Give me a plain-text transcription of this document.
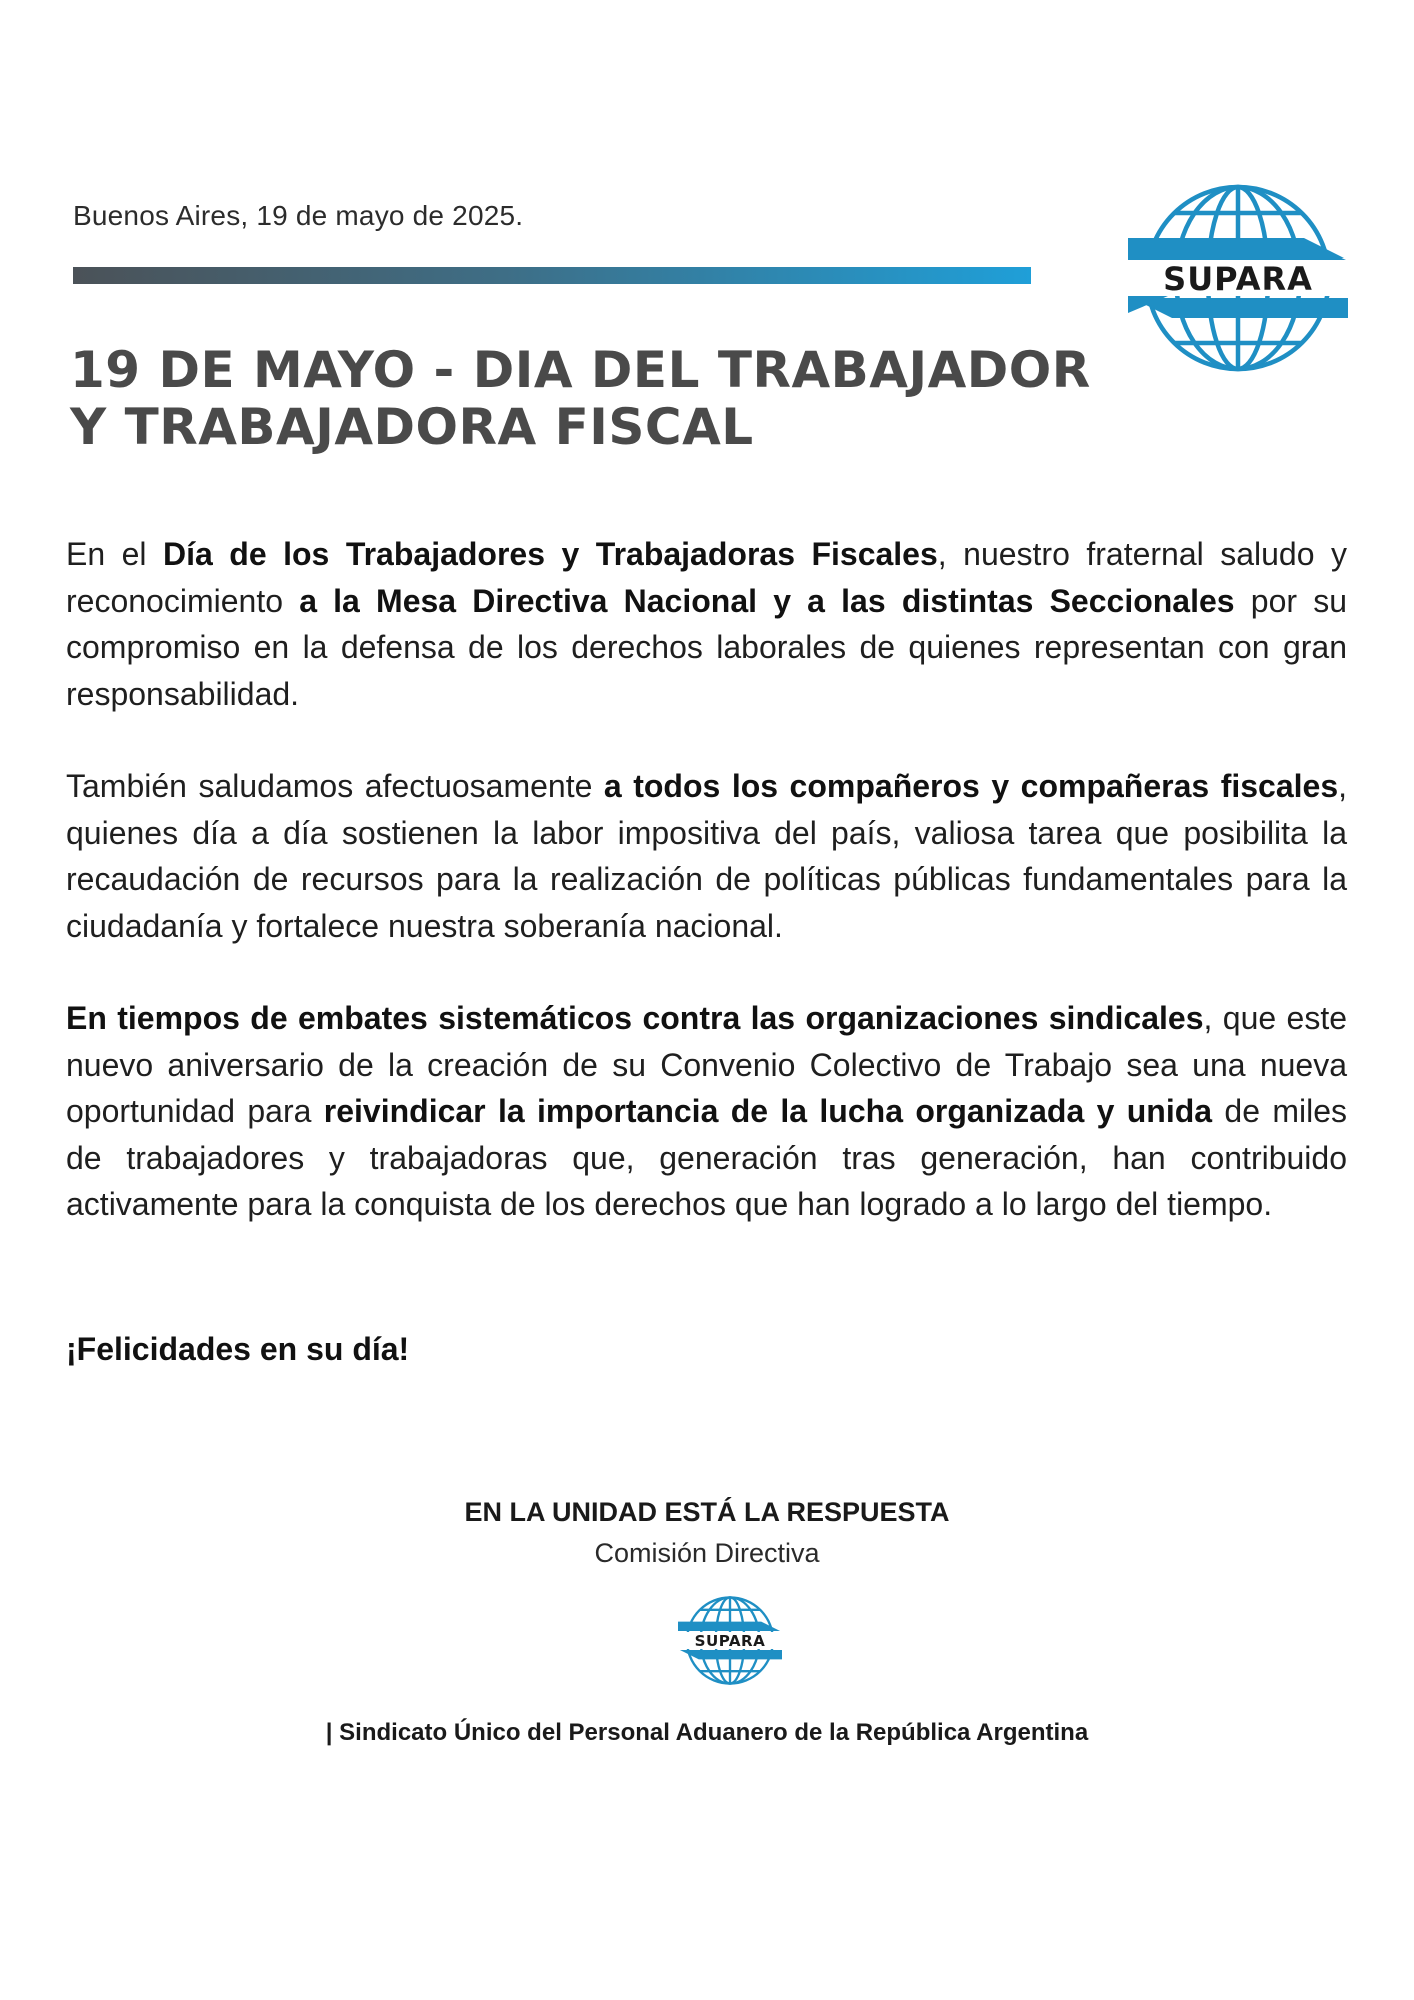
Buenos Aires, 19 de mayo de 2025.
SUPARA
19 DE MAYO - DIA DEL TRABAJADOR
Y TRABAJADORA FISCAL

En el Día de los Trabajadores y Trabajadoras Fiscales, nuestro fraternal saludo y reconocimiento a la Mesa Directiva Nacional y a las distintas Seccionales por su compromiso en la defensa de los derechos laborales de quienes representan con gran responsabilidad.

También saludamos afectuosamente a todos los compañeros y compañeras fiscales, quienes día a día sostienen la labor impositiva del país, valiosa tarea que posibilita la recaudación de recursos para la realización de políticas públicas fundamentales para la ciudadanía y fortalece nuestra soberanía nacional.

En tiempos de embates sistemáticos contra las organizaciones sindicales, que este nuevo aniversario de la creación de su Convenio Colectivo de Trabajo sea una nueva oportunidad para reivindicar la importancia de la lucha organizada y unida de miles de trabajadores y trabajadoras que, generación tras generación, han contribuido activamente para la conquista de los derechos que han logrado a lo largo del tiempo.

¡Felicidades en su día!

EN LA UNIDAD ESTÁ LA RESPUESTA
Comisión Directiva
SUPARA
| Sindicato Único del Personal Aduanero de la República Argentina
